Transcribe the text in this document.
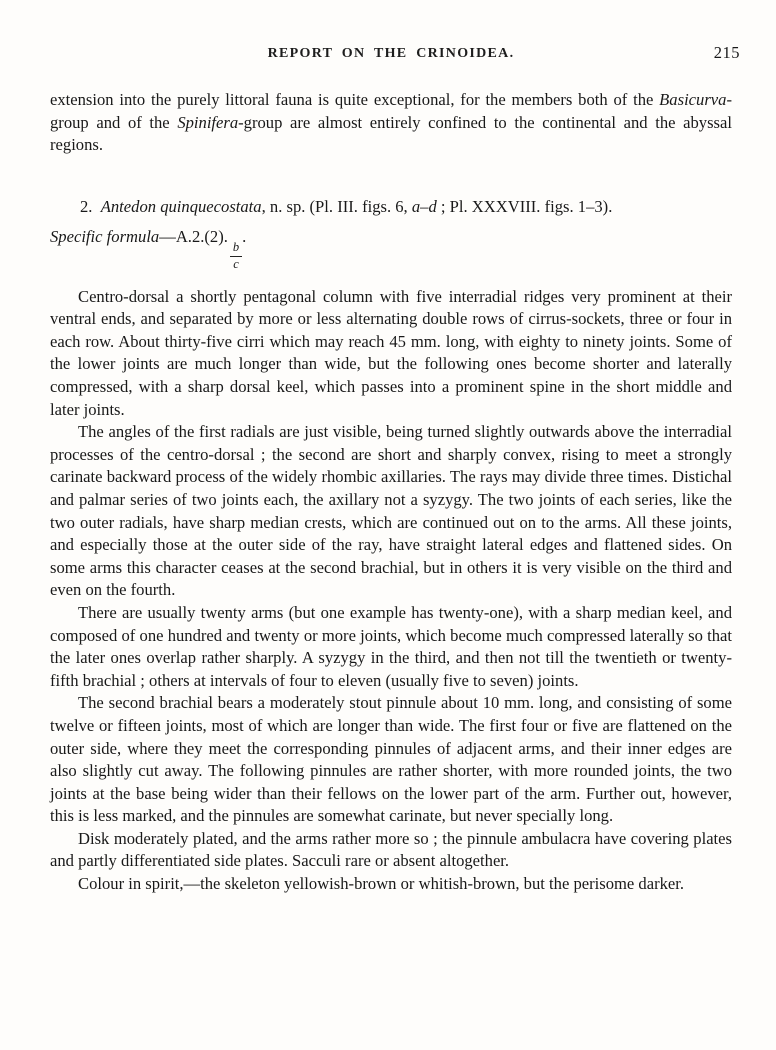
REPORT ON THE CRINOIDEA.	215

extension into the purely littoral fauna is quite exceptional, for the members both of the Basicurva-group and of the Spinifera-group are almost entirely confined to the continental and the abyssal regions.

2.  Antedon quinquecostata, n. sp. (Pl. III. figs. 6, a–d ; Pl. XXXVIII. figs. 1–3).

Specific formula—A.2.(2).
$\frac{b}{c}$
.

Centro-dorsal a shortly pentagonal column with five interradial ridges very prominent at their ventral ends, and separated by more or less alternating double rows of cirrus-sockets, three or four in each row. About thirty-five cirri which may reach 45 mm. long, with eighty to ninety joints. Some of the lower joints are much longer than wide, but the following ones become shorter and laterally compressed, with a sharp dorsal keel, which passes into a prominent spine in the short middle and later joints.

The angles of the first radials are just visible, being turned slightly outwards above the interradial processes of the centro-dorsal ; the second are short and sharply convex, rising to meet a strongly carinate backward process of the widely rhombic axillaries. The rays may divide three times. Distichal and palmar series of two joints each, the axillary not a syzygy. The two joints of each series, like the two outer radials, have sharp median crests, which are continued out on to the arms. All these joints, and especially those at the outer side of the ray, have straight lateral edges and flattened sides. On some arms this character ceases at the second brachial, but in others it is very visible on the third and even on the fourth.

There are usually twenty arms (but one example has twenty-one), with a sharp median keel, and composed of one hundred and twenty or more joints, which become much compressed laterally so that the later ones overlap rather sharply. A syzygy in the third, and then not till the twentieth or twenty-fifth brachial ; others at intervals of four to eleven (usually five to seven) joints.

The second brachial bears a moderately stout pinnule about 10 mm. long, and consisting of some twelve or fifteen joints, most of which are longer than wide. The first four or five are flattened on the outer side, where they meet the corresponding pinnules of adjacent arms, and their inner edges are also slightly cut away. The following pinnules are rather shorter, with more rounded joints, the two joints at the base being wider than their fellows on the lower part of the arm. Further out, however, this is less marked, and the pinnules are somewhat carinate, but never specially long.

Disk moderately plated, and the arms rather more so ; the pinnule ambulacra have covering plates and partly differentiated side plates. Sacculi rare or absent altogether.

Colour in spirit,—the skeleton yellowish-brown or whitish-brown, but the perisome darker.
